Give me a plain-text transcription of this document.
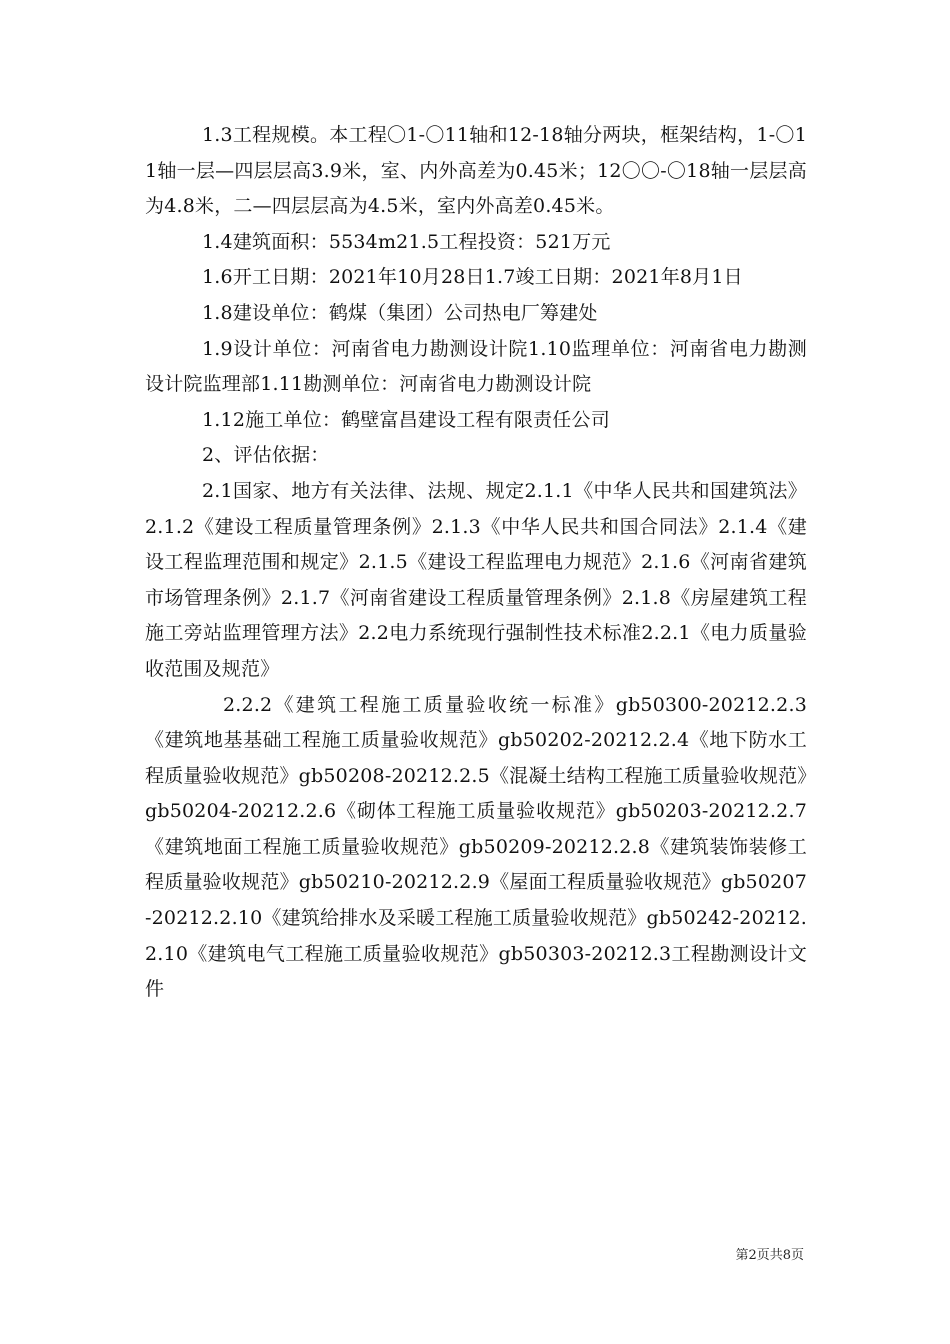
1.3工程规模。本工程〇1-〇11轴和12-18轴分两块，框架结构，1-〇11轴一层—四层层高3.9米，室、内外高差为0.45米；12〇〇-〇18轴一层层高为4.8米，二—四层层高为4.5米，室内外高差0.45米。

1.4建筑面积：5534m21.5工程投资：521万元

1.6开工日期：2021年10月28日1.7竣工日期：2021年8月1日

1.8建设单位：鹤煤（集团）公司热电厂筹建处

1.9设计单位：河南省电力勘测设计院1.10监理单位：河南省电力勘测设计院监理部1.11勘测单位：河南省电力勘测设计院

1.12施工单位：鹤壁富昌建设工程有限责任公司

2、评估依据：

2.1国家、地方有关法律、法规、规定2.1.1《中华人民共和国建筑法》2.1.2《建设工程质量管理条例》2.1.3《中华人民共和国合同法》2.1.4《建设工程监理范围和规定》2.1.5《建设工程监理电力规范》2.1.6《河南省建筑市场管理条例》2.1.7《河南省建设工程质量管理条例》2.1.8《房屋建筑工程施工旁站监理管理方法》2.2电力系统现行强制性技术标准2.2.1《电力质量验收范围及规范》

2.2.2《建筑工程施工质量验收统一标准》gb50300-20212.2.3《建筑地基基础工程施工质量验收规范》gb50202-20212.2.4《地下防水工程质量验收规范》gb50208-20212.2.5《混凝土结构工程施工质量验收规范》gb50204-20212.2.6《砌体工程施工质量验收规范》gb50203-20212.2.7《建筑地面工程施工质量验收规范》gb50209-20212.2.8《建筑装饰装修工程质量验收规范》gb50210-20212.2.9《屋面工程质量验收规范》gb50207-20212.2.10《建筑给排水及采暖工程施工质量验收规范》gb50242-20212.2.10《建筑电气工程施工质量验收规范》gb50303-20212.3工程勘测设计文件

第2页共8页
